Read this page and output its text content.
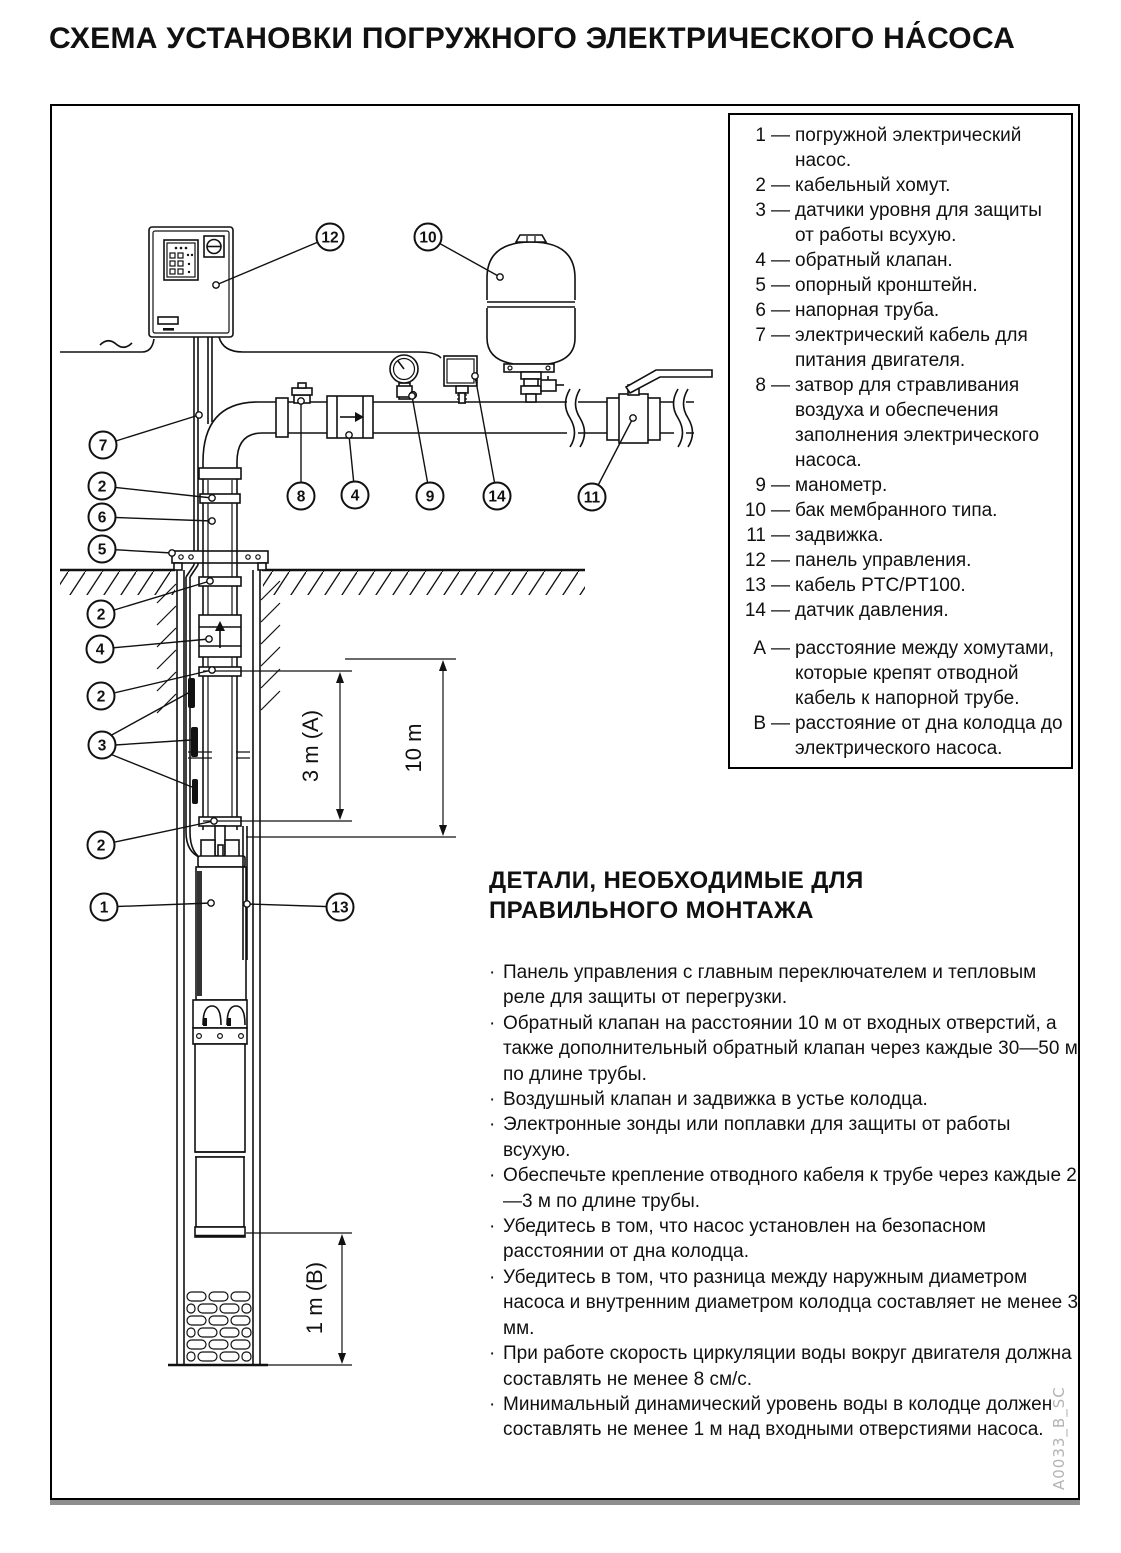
СХЕМА УСТАНОВКИ ПОГРУЖНОГО ЭЛЕКТРИЧЕСКОГО НА́СОСА
3 m (A)	10 m
1 m (B)
12	10
7
2
6
5
2
4
2
3
2
1	13
8	4	9	14	11
1 — погружной электрический насос.
2 — кабельный хомут.
3 — датчики уровня для защиты от работы всухую.
4 — обратный клапан.
5 — опорный кронштейн.
6 — напорная труба.
7 — электрический кабель для питания двигателя.
8 — затвор для стравливания воздуха и обеспечения заполнения электрического насоса.
9 — манометр.
10 — бак мембранного типа.
11 — задвижка.
12 — панель управления.
13 — кабель PTC/PT100.
14 — датчик давления.
A — расстояние между хомутами, которые крепят отводной кабель к напорной трубе.
B — расстояние от дна колодца до электрического насоса.
ДЕТАЛИ, НЕОБХОДИМЫЕ ДЛЯ
ПРАВИЛЬНОГО МОНТАЖА
· Панель управления с главным переключателем и тепловым реле для защиты от перегрузки.
· Обратный клапан на расстоянии 10 м от входных отверстий, а также дополнительный обратный клапан через каждые 30—50 м по длине трубы.
· Воздушный клапан и задвижка в устье колодца.
· Электронные зонды или поплавки для защиты от работы всухую.
· Обеспечьте крепление отводного кабеля к трубе через каждые 2—3 м по длине трубы.
· Убедитесь в том, что насос установлен на безопасном расстоянии от дна колодца.
· Убедитесь в том, что разница между наружным диаметром насоса и внутренним диаметром колодца составляет не менее 3 мм.
· При работе скорость циркуляции воды вокруг двигателя должна составлять не менее 8 см/с.
· Минимальный динамический уровень воды в колодце должен составлять не менее 1 м над входными отверстиями насоса. A0033_B_SC
